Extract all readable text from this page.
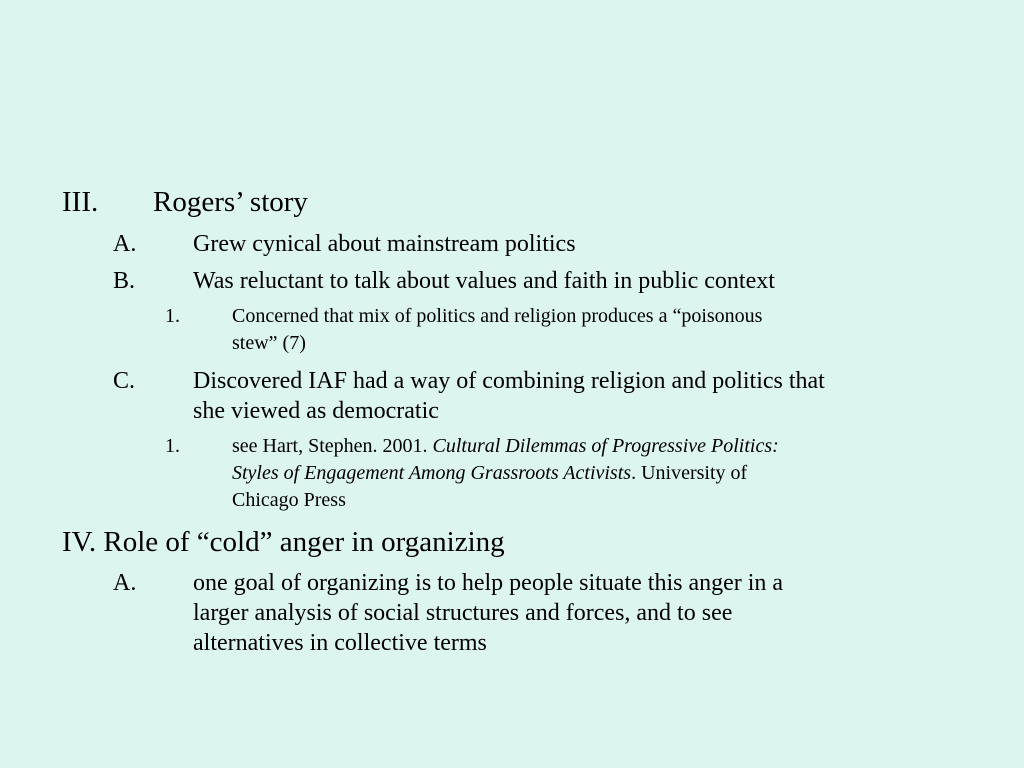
III. Rogers’ story
A. Grew cynical about mainstream politics
B. Was reluctant to talk about values and faith in public context
1.	Concerned that mix of politics and religion produces a “poisonous
stew” (7)
C. Discovered IAF had a way of combining religion and politics that
she viewed as democratic
1.	see Hart, Stephen. 2001. Cultural Dilemmas of Progressive Politics:
Styles of Engagement Among Grassroots Activists. University of
Chicago Press
IV. Role of “cold” anger in organizing
A. one goal of organizing is to help people situate this anger in a
larger analysis of social structures and forces, and to see
alternatives in collective terms
